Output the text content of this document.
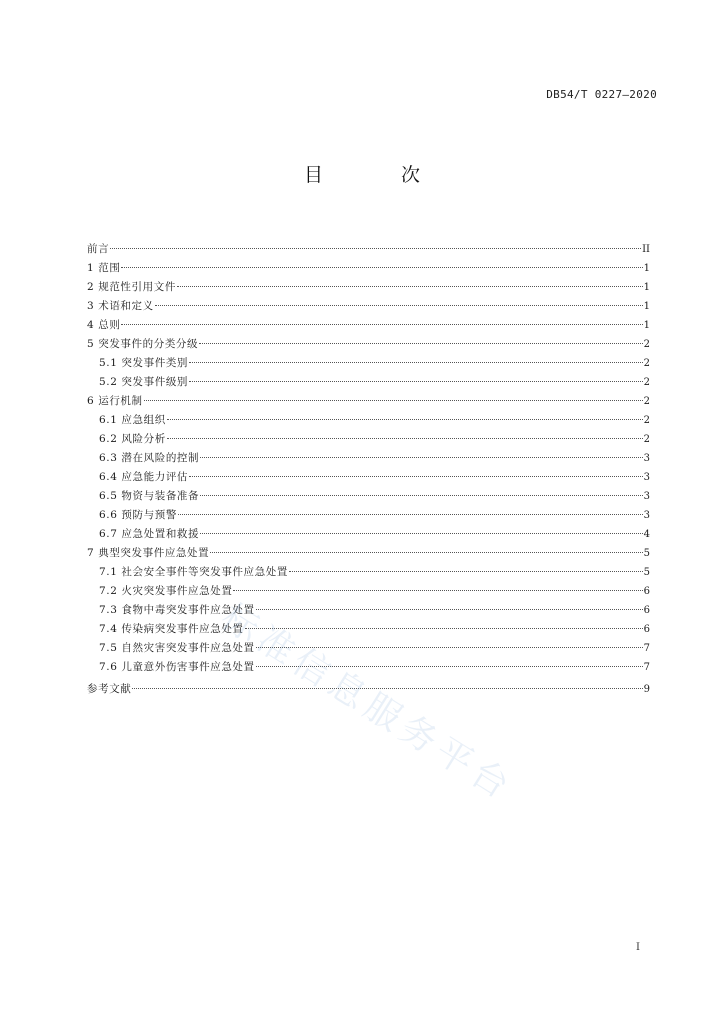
DB54/T 0227—2020
目 次
前言	II
1 范围	1
2 规范性引用文件	1
3 术语和定义	1
4 总则	1
5 突发事件的分类分级	2
5.1 突发事件类别	2
5.2 突发事件级别	2
6 运行机制	2
6.1 应急组织	2
6.2 风险分析	2
6.3 潜在风险的控制	3
6.4 应急能力评估	3
6.5 物资与装备准备	3
6.6 预防与预警	3
6.7 应急处置和救援	4
7 典型突发事件应急处置	5
7.1 社会安全事件等突发事件应急处置	5
7.2 火灾突发事件应急处置	6
7.3 食物中毒突发事件应急处置	6
7.4 传染病突发事件应急处置	6
7.5 自然灾害突发事件应急处置	7
7.6 儿童意外伤害事件应急处置	7
参考文献	9
标准信息服务平台
I
